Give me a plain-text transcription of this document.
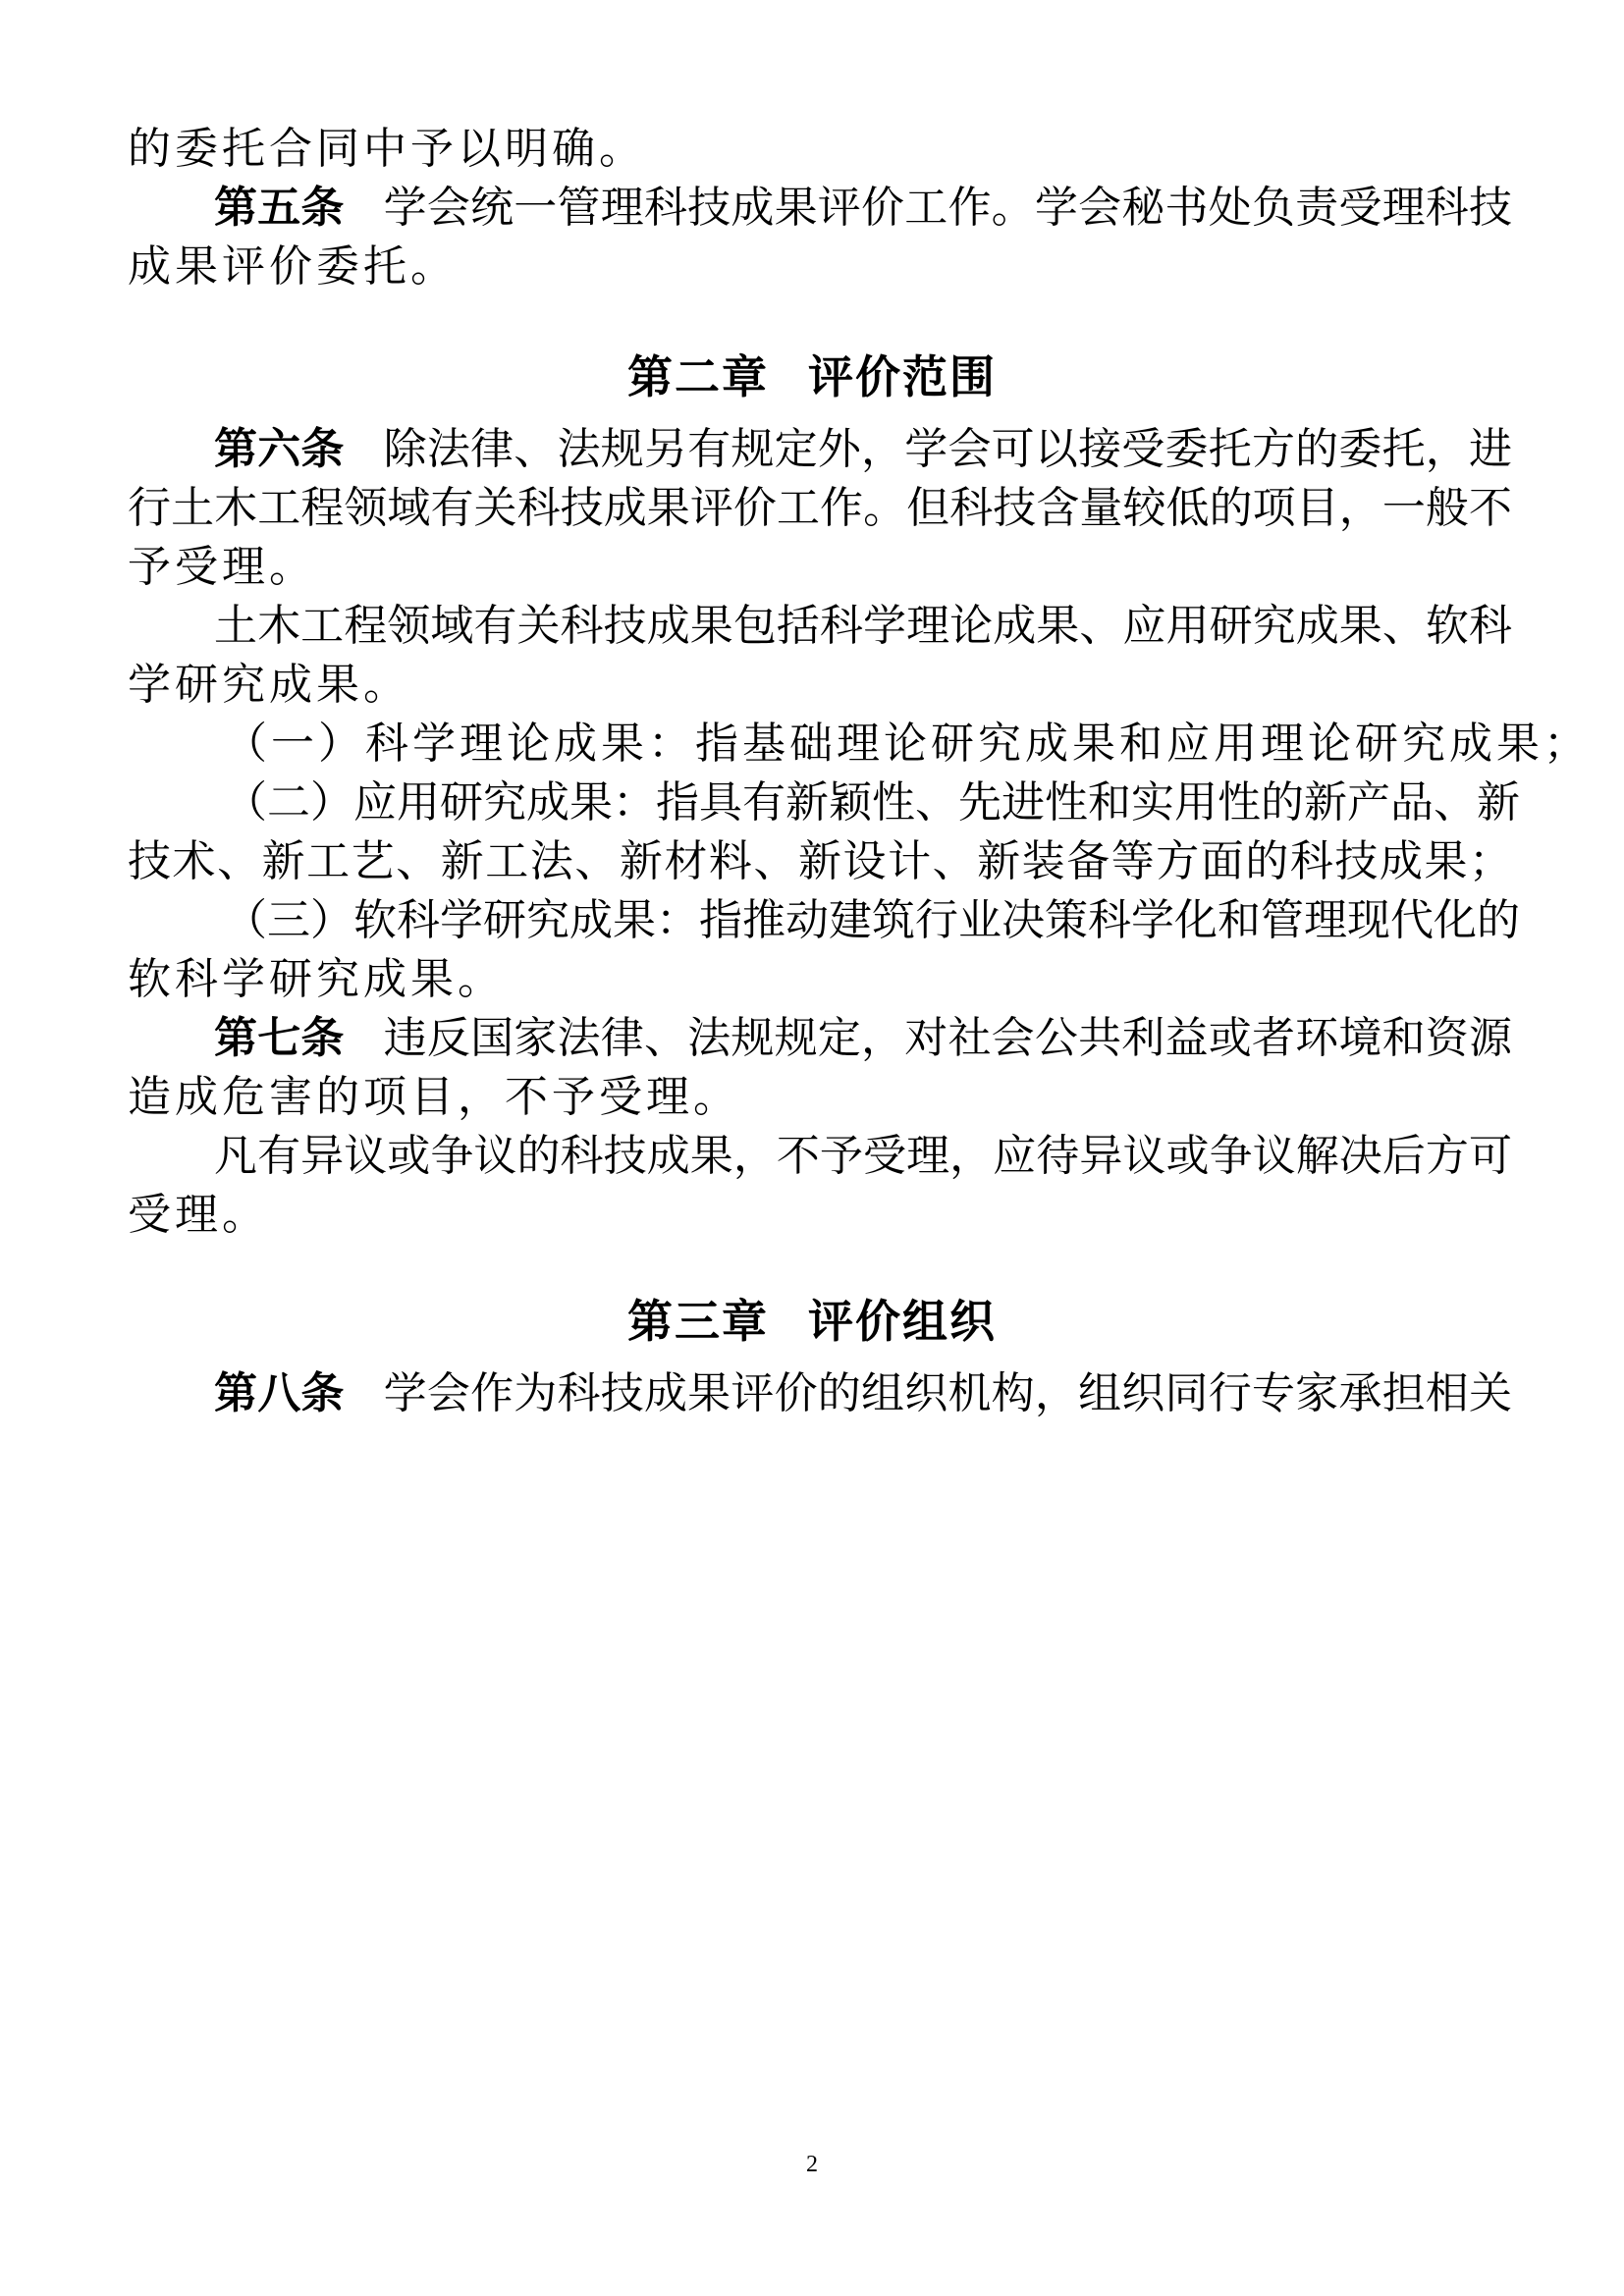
的委托合同中予以明确。
第五条 学会统一管理科技成果评价工作。学会秘书处负责受理科技
成果评价委托。
第二章 评价范围
第六条 除法律、法规另有规定外，学会可以接受委托方的委托，进
行土木工程领域有关科技成果评价工作。但科技含量较低的项目，一般不
予受理。
土木工程领域有关科技成果包括科学理论成果、应用研究成果、软科
学研究成果。
（一）科学理论成果：指基础理论研究成果和应用理论研究成果；
（二）应用研究成果：指具有新颖性、先进性和实用性的新产品、新
技术、新工艺、新工法、新材料、新设计、新装备等方面的科技成果；
（三）软科学研究成果：指推动建筑行业决策科学化和管理现代化的
软科学研究成果。
第七条 违反国家法律、法规规定，对社会公共利益或者环境和资源
造成危害的项目，不予受理。
凡有异议或争议的科技成果，不予受理，应待异议或争议解决后方可
受理。
第三章 评价组织
第八条 学会作为科技成果评价的组织机构，组织同行专家承担相关
2
